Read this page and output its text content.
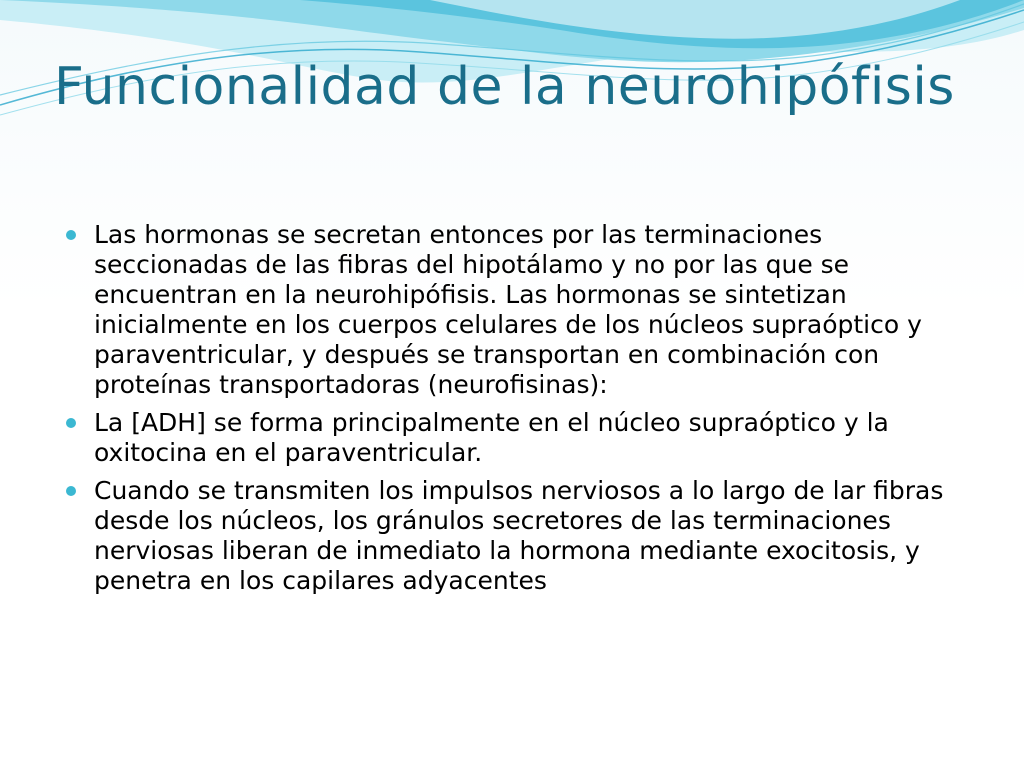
Funcionalidad de la neurohipófisis
Las hormonas se secretan entonces por las terminaciones seccionadas de las fibras del hipotálamo y no por las que se encuentran en la neurohipófisis. Las hormonas se sintetizan inicialmente en los cuerpos celulares de los núcleos supraóptico y paraventricular, y después se transportan en combinación con proteínas transportadoras (neurofisinas):
La [ADH] se forma principalmente en el núcleo supraóptico y la oxitocina en el paraventricular.
Cuando se transmiten los impulsos nerviosos a lo largo de lar fibras desde los núcleos, los gránulos secretores de las terminaciones nerviosas liberan de inmediato la hormona mediante exocitosis, y penetra en los capilares adyacentes
